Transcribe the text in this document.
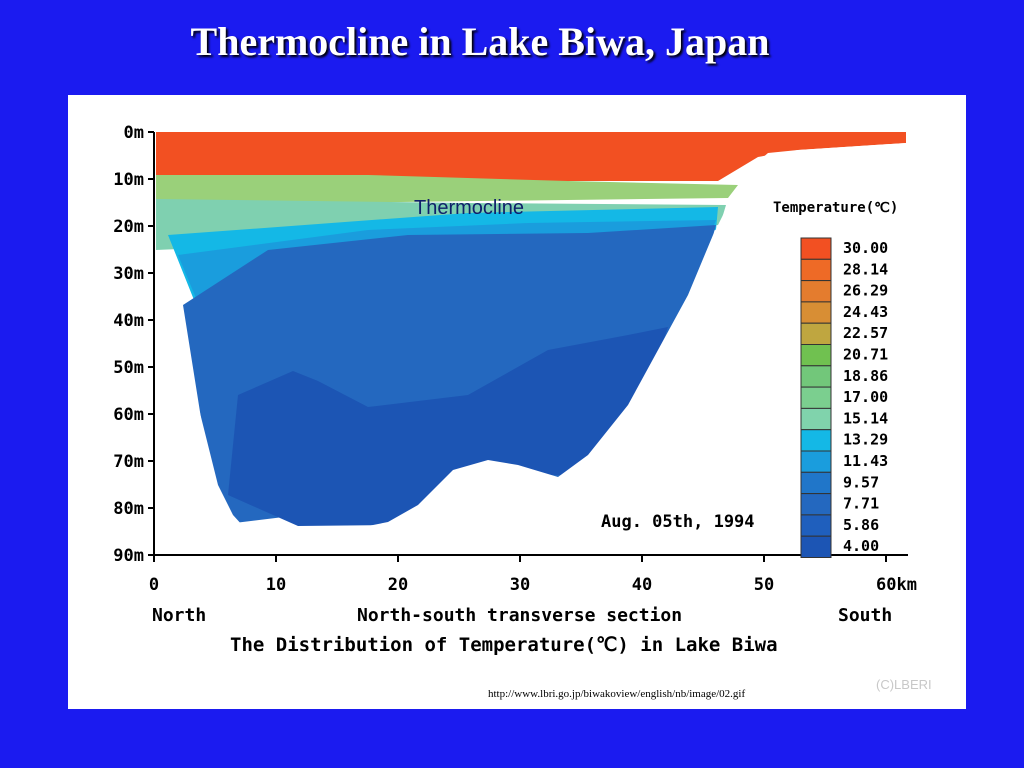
Thermocline in Lake Biwa, Japan
0m
10m
20m
30m
40m
50m
60m
70m
80m
90m
0	10	20	30	40	50	60km
Thermocline	Temperature(℃)
30.00
28.14
26.29
24.43
22.57
20.71
18.86
17.00
15.14
13.29
11.43
9.57
7.71
5.86
4.00
Aug. 05th, 1994
North	North-south transverse section	South
The Distribution of Temperature(℃) in Lake Biwa
http://www.lbri.go.jp/biwakoview/english/nb/image/02.gif
(C)LBERI
